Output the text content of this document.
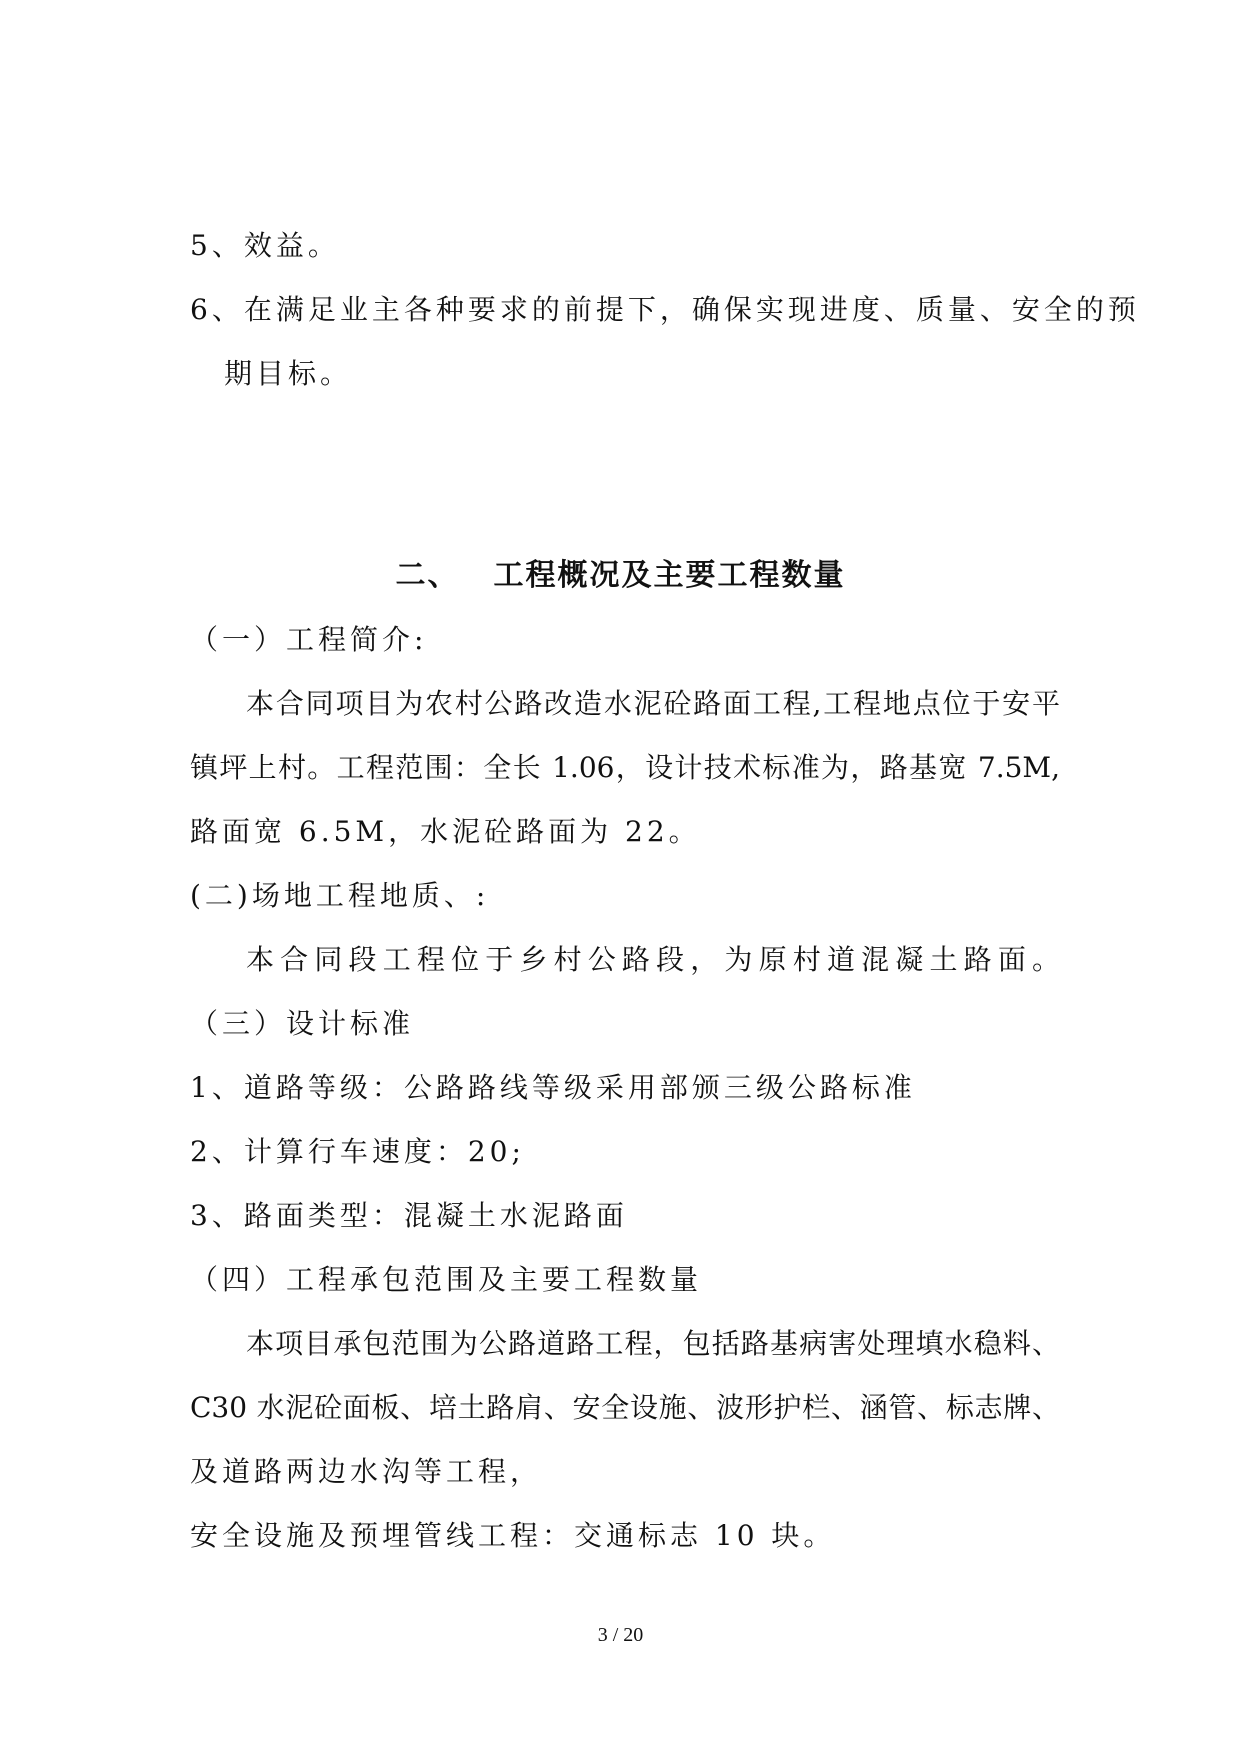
5、效益。
6、在满足业主各种要求的前提下，确保实现进度、质量、安全的预
期目标。
二、 工程概况及主要工程数量
（一）工程简介:
本合同项目为农村公路改造水泥砼路面工程,工程地点位于安平
镇坪上村。工程范围：全长 1.06，设计技术标准为，路基宽 7.5M,
路面宽 6.5M，水泥砼路面为 22。
(二)场地工程地质、:
本合同段工程位于乡村公路段，为原村道混凝土路面。
（三）设计标准
1、道路等级：公路路线等级采用部颁三级公路标准
2、计算行车速度：20;
3、路面类型：混凝土水泥路面
（四）工程承包范围及主要工程数量
本项目承包范围为公路道路工程，包括路基病害处理填水稳料、
C30 水泥砼面板、培土路肩、安全设施、波形护栏、涵管、标志牌、
及道路两边水沟等工程，
安全设施及预埋管线工程：交通标志 10 块。
3 / 20
